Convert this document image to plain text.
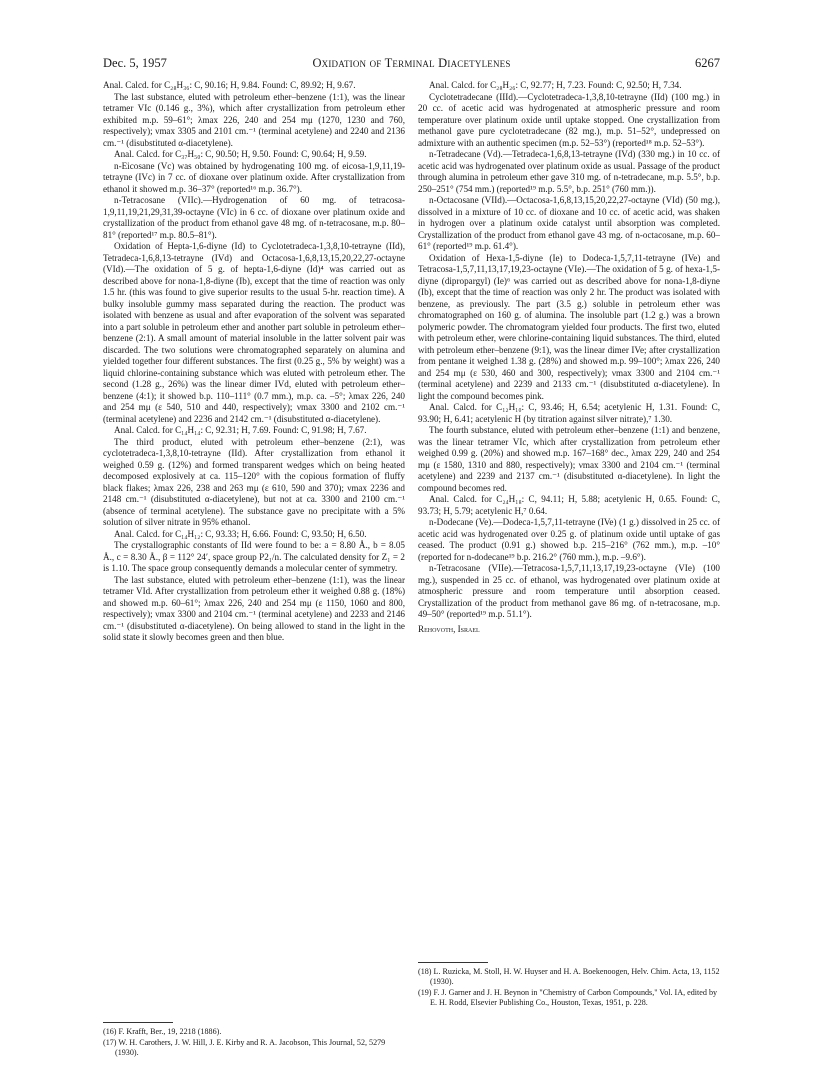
Dec. 5, 1957	Oxidation of Terminal Diacetylenes	6267

Anal. Calcd. for C₂₈H₃₆: C, 90.16; H, 9.84. Found: C, 89.92; H, 9.67.

The last substance, eluted with petroleum ether–benzene (1:1), was the linear tetramer VIc (0.146 g., 3%), which after crystallization from petroleum ether exhibited m.p. 59–61°; λmax 226, 240 and 254 mμ (1270, 1230 and 760, respectively); νmax 3305 and 2101 cm.⁻¹ (terminal acetylene) and 2240 and 2136 cm.⁻¹ (disubstituted α-diacetylene).

Anal. Calcd. for C₃₇H₅₀: C, 90.50; H, 9.50. Found: C, 90.64; H, 9.59.

n-Eicosane (Vc) was obtained by hydrogenating 100 mg. of eicosa-1,9,11,19-tetrayne (IVc) in 7 cc. of dioxane over platinum oxide. After crystallization from ethanol it showed m.p. 36–37° (reported¹⁶ m.p. 36.7°).

n-Tetracosane (VIIc).—Hydrogenation of 60 mg. of tetracosa-1,9,11,19,21,29,31,39-octayne (VIc) in 6 cc. of dioxane over platinum oxide and crystallization of the product from ethanol gave 48 mg. of n-tetracosane, m.p. 80–81° (reported¹⁷ m.p. 80.5–81°).

Oxidation of Hepta-1,6-diyne (Id) to Cyclotetradeca-1,3,8,10-tetrayne (IId), Tetradeca-1,6,8,13-tetrayne (IVd) and Octacosa-1,6,8,13,15,20,22,27-octayne (VId).—The oxidation of 5 g. of hepta-1,6-diyne (Id)⁴ was carried out as described above for nona-1,8-diyne (Ib), except that the time of reaction was only 1.5 hr. (this was found to give superior results to the usual 5-hr. reaction time). A bulky insoluble gummy mass separated during the reaction. The product was isolated with benzene as usual and after evaporation of the solvent was separated into a part soluble in petroleum ether and another part soluble in petroleum ether–benzene (2:1). A small amount of material insoluble in the latter solvent pair was discarded. The two solutions were chromatographed separately on alumina and yielded together four different substances. The first (0.25 g., 5% by weight) was a liquid chlorine-containing substance which was eluted with petroleum ether. The second (1.28 g., 26%) was the linear dimer IVd, eluted with petroleum ether–benzene (4:1); it showed b.p. 110–111° (0.7 mm.), m.p. ca. –5°; λmax 226, 240 and 254 mμ (ε 540, 510 and 440, respectively); νmax 3300 and 2102 cm.⁻¹ (terminal acetylene) and 2236 and 2142 cm.⁻¹ (disubstituted α-diacetylene).

Anal. Calcd. for C₁₄H₁₄: C, 92.31; H, 7.69. Found: C, 91.98; H, 7.67.

The third product, eluted with petroleum ether–benzene (2:1), was cyclotetradeca-1,3,8,10-tetrayne (IId). After crystallization from ethanol it weighed 0.59 g. (12%) and formed transparent wedges which on being heated decomposed explosively at ca. 115–120° with the copious formation of fluffy black flakes; λmax 226, 238 and 263 mμ (ε 610, 590 and 370); νmax 2236 and 2148 cm.⁻¹ (disubstituted α-diacetylene), but not at ca. 3300 and 2100 cm.⁻¹ (absence of terminal acetylene). The substance gave no precipitate with a 5% solution of silver nitrate in 95% ethanol.

Anal. Calcd. for C₁₄H₁₂: C, 93.33; H, 6.66. Found: C, 93.50; H, 6.50.

The crystallographic constants of IId were found to be: a = 8.80 Å., b = 8.05 Å., c = 8.30 Å., β = 112° 24′, space group P2₁/n. The calculated density for Z₁ = 2 is 1.10. The space group consequently demands a molecular center of symmetry.

The last substance, eluted with petroleum ether–benzene (1:1), was the linear tetramer VId. After crystallization from petroleum ether it weighed 0.88 g. (18%) and showed m.p. 60–61°; λmax 226, 240 and 254 mμ (ε 1150, 1060 and 800, respectively); νmax 3300 and 2104 cm.⁻¹ (terminal acetylene) and 2233 and 2146 cm.⁻¹ (disubstituted α-diacetylene). On being allowed to stand in the light in the solid state it slowly becomes green and then blue.

(16) F. Krafft, Ber., 19, 2218 (1886).

(17) W. H. Carothers, J. W. Hill, J. E. Kirby and R. A. Jacobson, This Journal, 52, 5279 (1930).

Anal. Calcd. for C₂₈H₂₆: C, 92.77; H, 7.23. Found: C, 92.50; H, 7.34.

Cyclotetradecane (IIId).—Cyclotetradeca-1,3,8,10-tetrayne (IId) (100 mg.) in 20 cc. of acetic acid was hydrogenated at atmospheric pressure and room temperature over platinum oxide until uptake stopped. One crystallization from methanol gave pure cyclotetradecane (82 mg.), m.p. 51–52°, undepressed on admixture with an authentic specimen (m.p. 52–53°) (reported¹⁸ m.p. 52–53°).

n-Tetradecane (Vd).—Tetradeca-1,6,8,13-tetrayne (IVd) (330 mg.) in 10 cc. of acetic acid was hydrogenated over platinum oxide as usual. Passage of the product through alumina in petroleum ether gave 310 mg. of n-tetradecane, m.p. 5.5°, b.p. 250–251° (754 mm.) (reported¹⁹ m.p. 5.5°, b.p. 251° (760 mm.)).

n-Octacosane (VIId).—Octacosa-1,6,8,13,15,20,22,27-octayne (VId) (50 mg.), dissolved in a mixture of 10 cc. of dioxane and 10 cc. of acetic acid, was shaken in hydrogen over a platinum oxide catalyst until absorption was completed. Crystallization of the product from ethanol gave 43 mg. of n-octacosane, m.p. 60–61° (reported¹⁹ m.p. 61.4°).

Oxidation of Hexa-1,5-diyne (Ie) to Dodeca-1,5,7,11-tetrayne (IVe) and Tetracosa-1,5,7,11,13,17,19,23-octayne (VIe).—The oxidation of 5 g. of hexa-1,5-diyne (dipropargyl) (Ie)⁶ was carried out as described above for nona-1,8-diyne (Ib), except that the time of reaction was only 2 hr. The product was isolated with benzene, as previously. The part (3.5 g.) soluble in petroleum ether was chromatographed on 160 g. of alumina. The insoluble part (1.2 g.) was a brown polymeric powder. The chromatogram yielded four products. The first two, eluted with petroleum ether, were chlorine-containing liquid substances. The third, eluted with petroleum ether–benzene (9:1), was the linear dimer IVe; after crystallization from pentane it weighed 1.38 g. (28%) and showed m.p. 99–100°; λmax 226, 240 and 254 mμ (ε 530, 460 and 300, respectively); νmax 3300 and 2104 cm.⁻¹ (terminal acetylene) and 2239 and 2133 cm.⁻¹ (disubstituted α-diacetylene). In light the compound becomes pink.

Anal. Calcd. for C₁₂H₁₀: C, 93.46; H, 6.54; acetylenic H, 1.31. Found: C, 93.90; H, 6.41; acetylenic H (by titration against silver nitrate),⁷ 1.30.

The fourth substance, eluted with petroleum ether–benzene (1:1) and benzene, was the linear tetramer VIc, which after crystallization from petroleum ether weighed 0.99 g. (20%) and showed m.p. 167–168° dec., λmax 229, 240 and 254 mμ (ε 1580, 1310 and 880, respectively); νmax 3300 and 2104 cm.⁻¹ (terminal acetylene) and 2239 and 2137 cm.⁻¹ (disubstituted α-diacetylene). In light the compound becomes red.

Anal. Calcd. for C₂₄H₁₈: C, 94.11; H, 5.88; acetylenic H, 0.65. Found: C, 93.73; H, 5.79; acetylenic H,⁷ 0.64.

n-Dodecane (Ve).—Dodeca-1,5,7,11-tetrayne (IVe) (1 g.) dissolved in 25 cc. of acetic acid was hydrogenated over 0.25 g. of platinum oxide until uptake of gas ceased. The product (0.91 g.) showed b.p. 215–216° (762 mm.), m.p. –10° (reported for n-dodecane¹⁹ b.p. 216.2° (760 mm.), m.p. –9.6°).

n-Tetracosane (VIIe).—Tetracosa-1,5,7,11,13,17,19,23-octayne (VIe) (100 mg.), suspended in 25 cc. of ethanol, was hydrogenated over platinum oxide at atmospheric pressure and room temperature until absorption ceased. Crystallization of the product from methanol gave 86 mg. of n-tetracosane, m.p. 49–50° (reported¹⁹ m.p. 51.1°).

Rehovoth, Israel

(18) L. Ruzicka, M. Stoll, H. W. Huyser and H. A. Boekenoogen, Helv. Chim. Acta, 13, 1152 (1930).

(19) F. J. Garner and J. H. Beynon in "Chemistry of Carbon Compounds," Vol. IA, edited by E. H. Rodd, Elsevier Publishing Co., Houston, Texas, 1951, p. 228.
